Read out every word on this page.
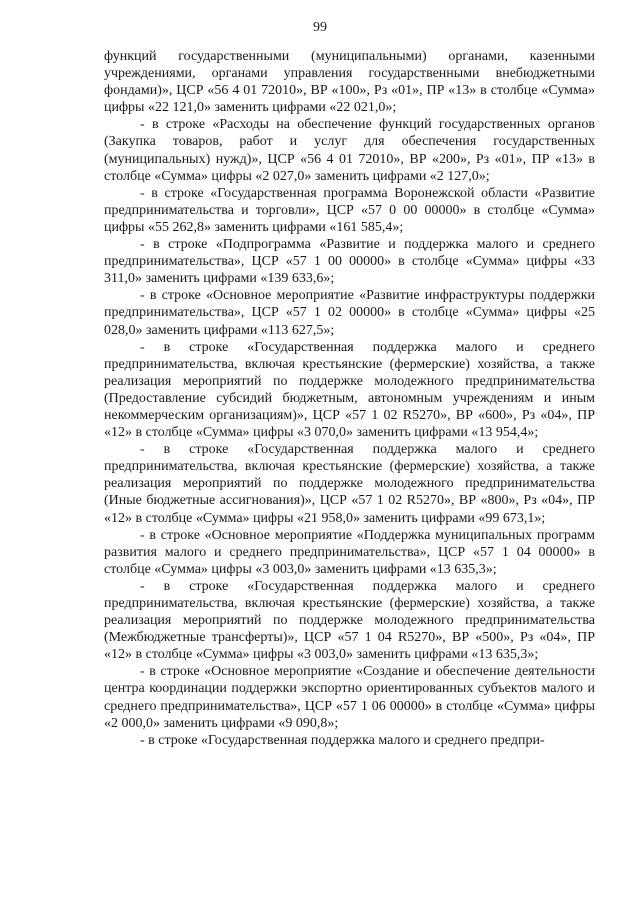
99

функций государственными (муниципальными) органами, казенными учреждениями, органами управления государственными внебюджетными фондами)», ЦСР «56 4 01 72010», ВР «100», Рз «01», ПР «13» в столбце «Сумма» цифры «22 121,0» заменить цифрами «22 021,0»;

- в строке «Расходы на обеспечение функций государственных органов (Закупка товаров, работ и услуг для обеспечения государственных (муниципальных) нужд)», ЦСР «56 4 01 72010», ВР «200», Рз «01», ПР «13» в столбце «Сумма» цифры «2 027,0» заменить цифрами «2 127,0»;

- в строке «Государственная программа Воронежской области «Развитие предпринимательства и торговли», ЦСР «57 0 00 00000» в столбце «Сумма» цифры «55 262,8» заменить цифрами «161 585,4»;

- в строке «Подпрограмма «Развитие и поддержка малого и среднего предпринимательства», ЦСР «57 1 00 00000» в столбце «Сумма» цифры «33 311,0» заменить цифрами «139 633,6»;

- в строке «Основное мероприятие «Развитие инфраструктуры поддержки предпринимательства», ЦСР «57 1 02 00000» в столбце «Сумма» цифры «25 028,0» заменить цифрами «113 627,5»;

- в строке «Государственная поддержка малого и среднего предпринимательства, включая крестьянские (фермерские) хозяйства, а также реализация мероприятий по поддержке молодежного предпринимательства (Предоставление субсидий бюджетным, автономным учреждениям и иным некоммерческим организациям)», ЦСР «57 1 02 R5270», ВР «600», Рз «04», ПР «12» в столбце «Сумма» цифры «3 070,0» заменить цифрами «13 954,4»;

- в строке «Государственная поддержка малого и среднего предпринимательства, включая крестьянские (фермерские) хозяйства, а также реализация мероприятий по поддержке молодежного предпринимательства (Иные бюджетные ассигнования)», ЦСР «57 1 02 R5270», ВР «800», Рз «04», ПР «12» в столбце «Сумма» цифры «21 958,0» заменить цифрами «99 673,1»;

- в строке «Основное мероприятие «Поддержка муниципальных программ развития малого и среднего предпринимательства», ЦСР «57 1 04 00000» в столбце «Сумма» цифры «3 003,0» заменить цифрами «13 635,3»;

- в строке «Государственная поддержка малого и среднего предпринимательства, включая крестьянские (фермерские) хозяйства, а также реализация мероприятий по поддержке молодежного предпринимательства (Межбюджетные трансферты)», ЦСР «57 1 04 R5270», ВР «500», Рз «04», ПР «12» в столбце «Сумма» цифры «3 003,0» заменить цифрами «13 635,3»;

- в строке «Основное мероприятие «Создание и обеспечение деятельности центра координации поддержки экспортно ориентированных субъектов малого и среднего предпринимательства», ЦСР «57 1 06 00000» в столбце «Сумма» цифры «2 000,0» заменить цифрами «9 090,8»;

- в строке «Государственная поддержка малого и среднего предпри-
